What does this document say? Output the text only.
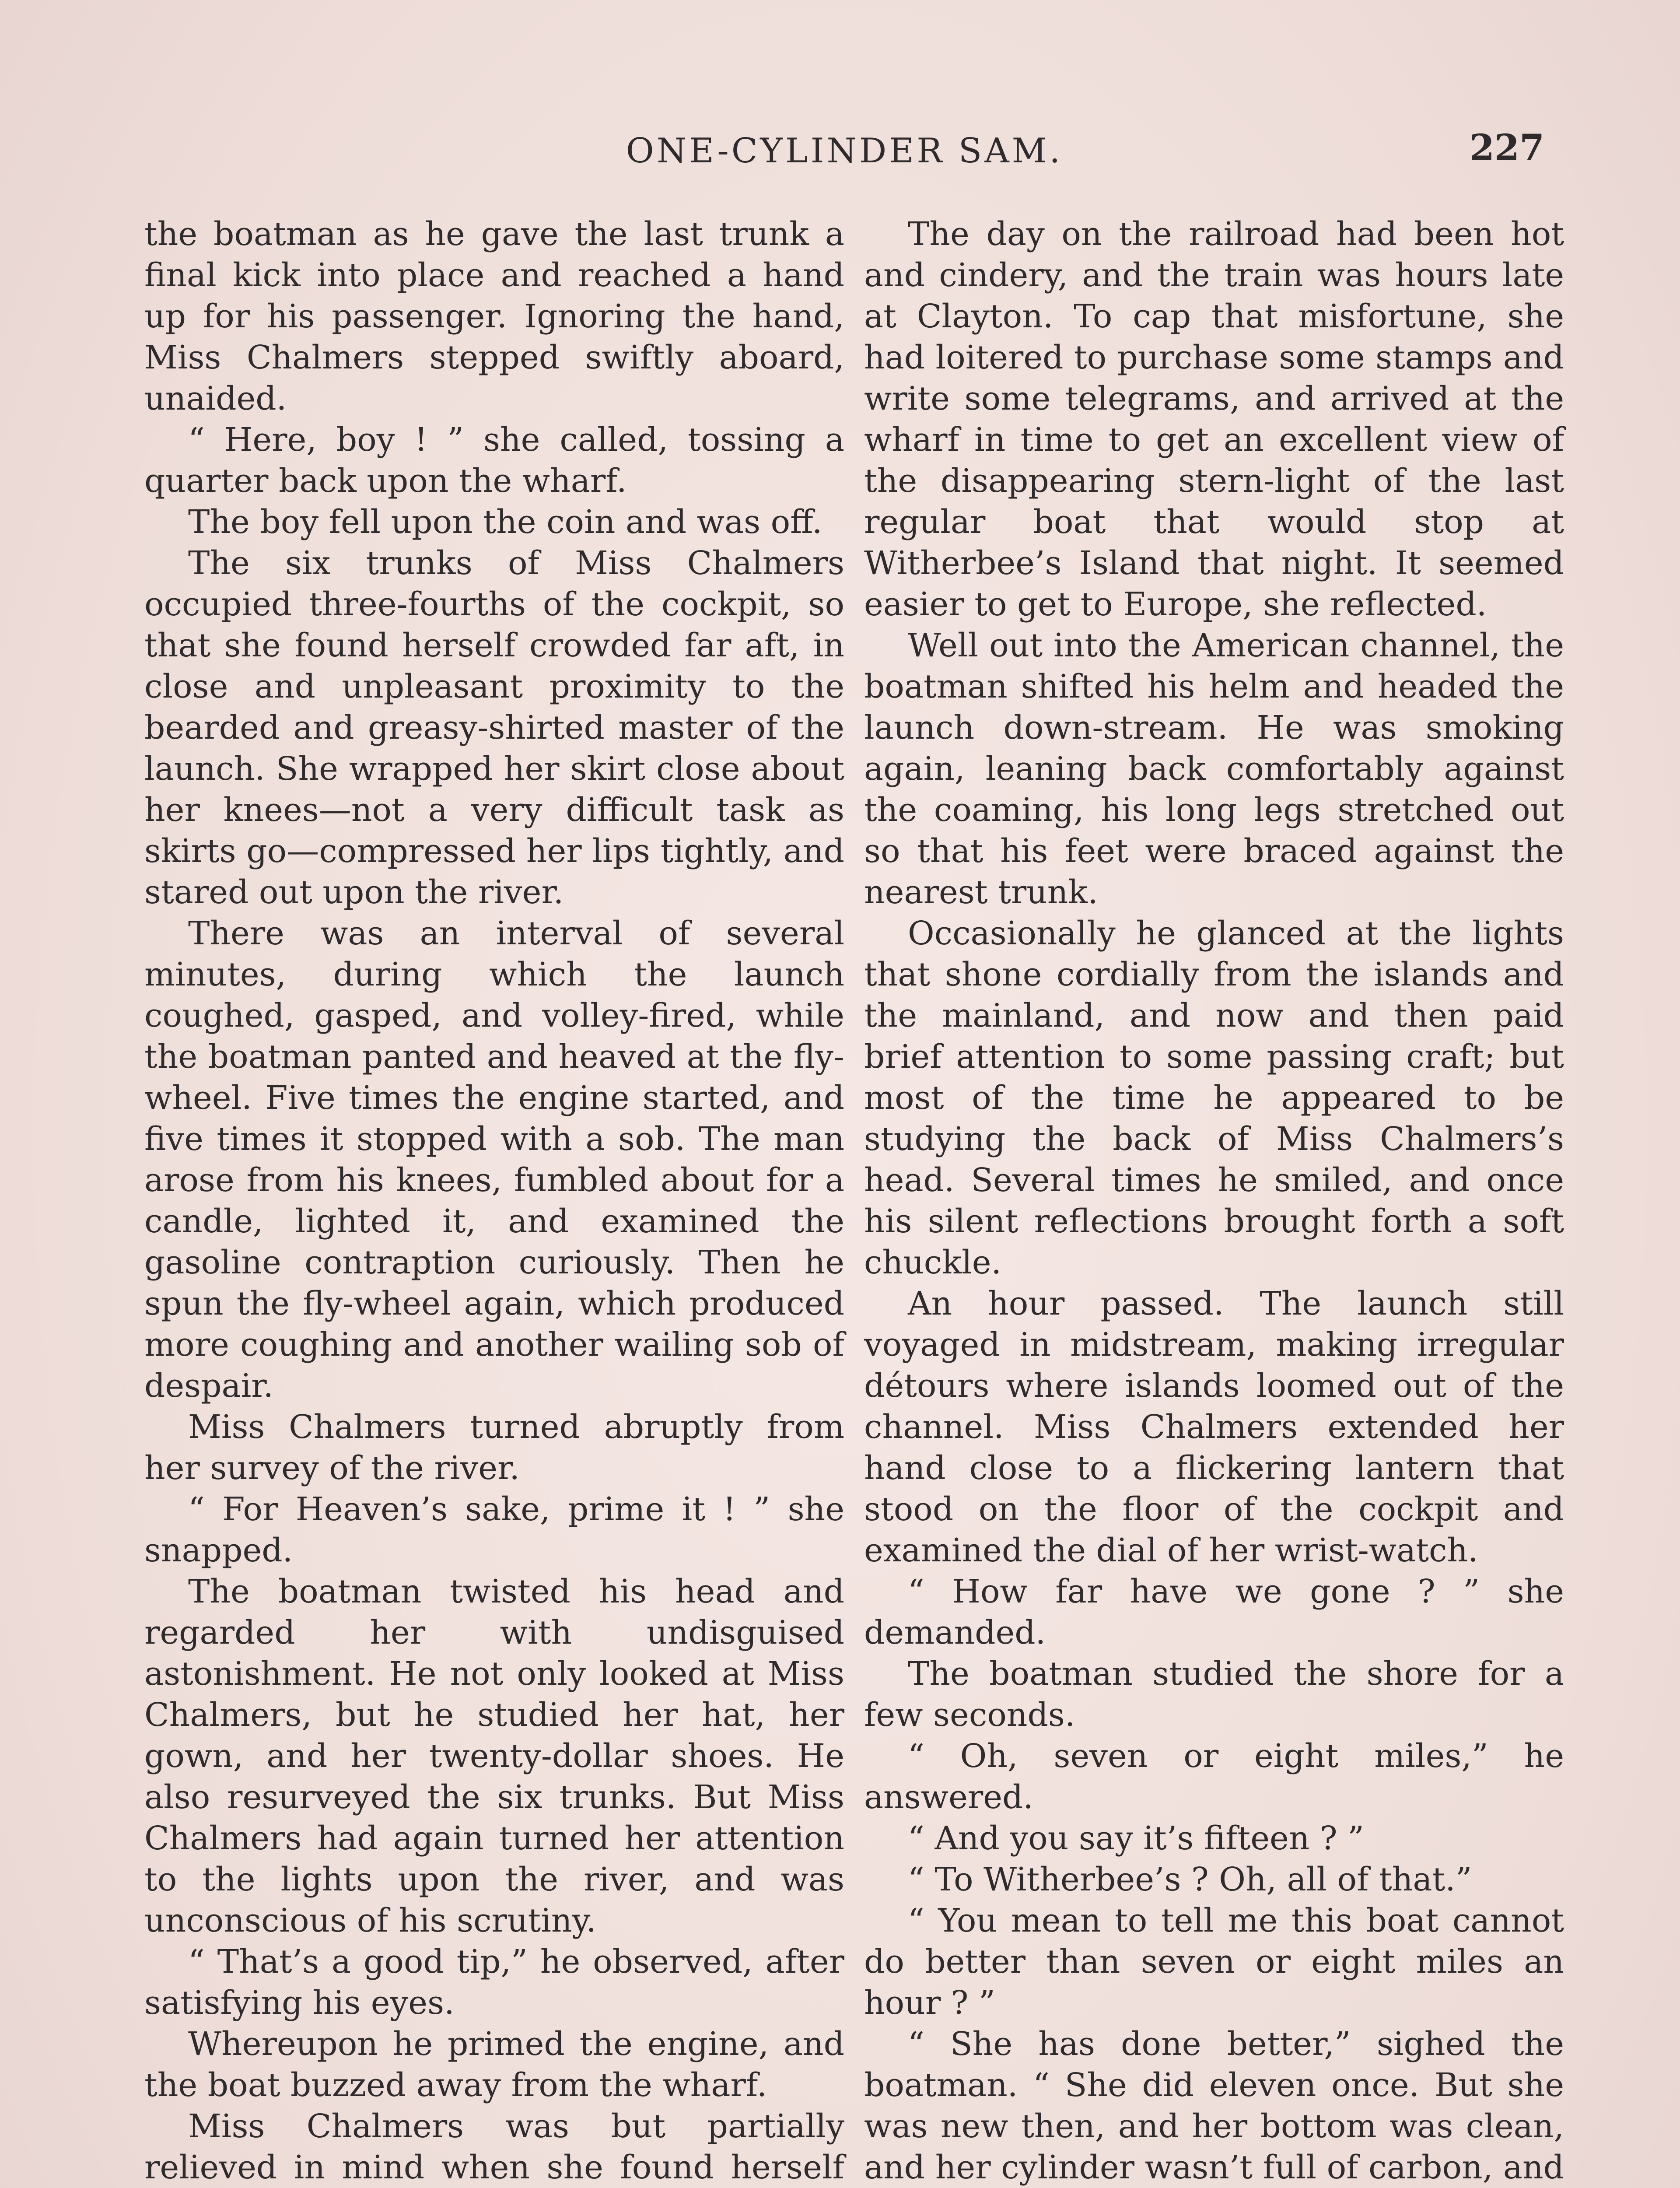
ONE-CYLINDER SAM.	227

the boatman as he gave the last trunk a final kick into place and reached a hand up for his passenger. Ignoring the hand, Miss Chalmers stepped swiftly aboard, unaided.

“ Here, boy ! ” she called, tossing a quarter back upon the wharf.

The boy fell upon the coin and was off.

The six trunks of Miss Chalmers occupied three-fourths of the cockpit, so that she found herself crowded far aft, in close and unpleasant proximity to the bearded and greasy-shirted master of the launch. She wrapped her skirt close about her knees—not a very difficult task as skirts go—compressed her lips tightly, and stared out upon the river.

There was an interval of several minutes, during which the launch coughed, gasped, and volley-fired, while the boatman panted and heaved at the fly-wheel. Five times the engine started, and five times it stopped with a sob. The man arose from his knees, fumbled about for a candle, lighted it, and examined the gasoline contraption curiously. Then he spun the fly-wheel again, which produced more coughing and another wailing sob of despair.

Miss Chalmers turned abruptly from her survey of the river.

“ For Heaven’s sake, prime it ! ” she snapped.

The boatman twisted his head and regarded her with undisguised astonishment. He not only looked at Miss Chalmers, but he studied her hat, her gown, and her twenty-dollar shoes. He also resurveyed the six trunks. But Miss Chalmers had again turned her attention to the lights upon the river, and was unconscious of his scrutiny.

“ That’s a good tip,” he observed, after satisfying his eyes.

Whereupon he primed the engine, and the boat buzzed away from the wharf.

Miss Chalmers was but partially relieved in mind when she found herself

The day on the railroad had been hot and cindery, and the train was hours late at Clayton. To cap that misfortune, she had loitered to purchase some stamps and write some telegrams, and arrived at the wharf in time to get an excellent view of the disappearing stern-light of the last regular boat that would stop at Witherbee’s Island that night. It seemed easier to get to Europe, she reflected.

Well out into the American channel, the boatman shifted his helm and headed the launch down-stream. He was smoking again, leaning back comfortably against the coaming, his long legs stretched out so that his feet were braced against the nearest trunk.

Occasionally he glanced at the lights that shone cordially from the islands and the mainland, and now and then paid brief attention to some passing craft; but most of the time he appeared to be studying the back of Miss Chalmers’s head. Several times he smiled, and once his silent reflections brought forth a soft chuckle.

An hour passed. The launch still voyaged in midstream, making irregular détours where islands loomed out of the channel. Miss Chalmers extended her hand close to a flickering lantern that stood on the floor of the cockpit and examined the dial of her wrist-watch.

“ How far have we gone ? ” she demanded.

The boatman studied the shore for a few seconds.

“ Oh, seven or eight miles,” he answered.

“ And you say it’s fifteen ? ”

“ To Witherbee’s ? Oh, all of that.”

“ You mean to tell me this boat cannot do better than seven or eight miles an hour ? ”

“ She has done better,” sighed the boatman. “ She did eleven once. But she was new then, and her bottom was clean, and her cylinder wasn’t full of carbon, and
